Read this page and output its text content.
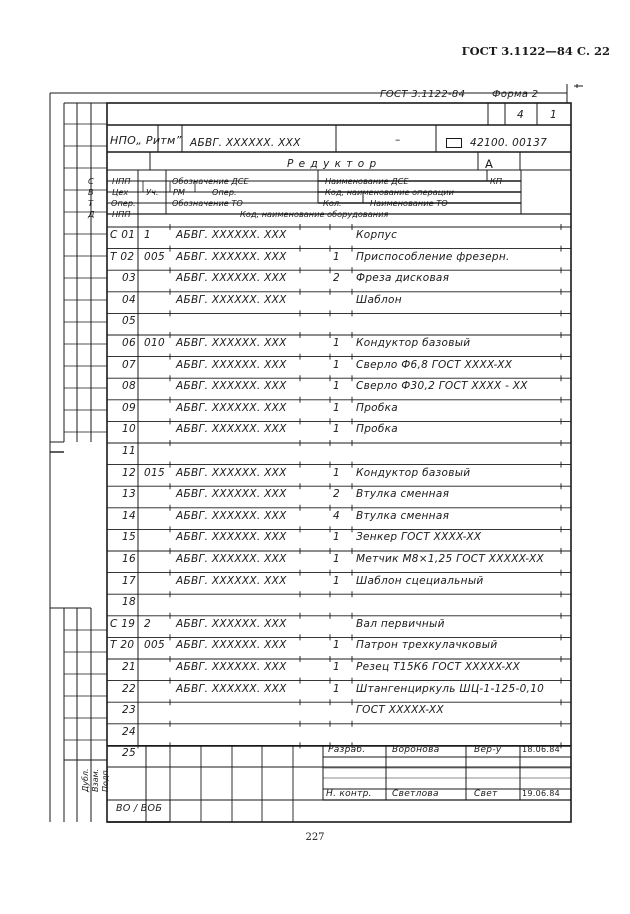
ГОСТ 3.1122—84 С. 22
ГОСТ 3.1122-84	Форма 2
4 1
НПО„ Ритм” АБВГ. XXXXXX. XXX	–	42100. 00137
Р е д у к т о р	А
С НПП	Обозначение ДСЕ	Наименование ДСЕ	КП
В Цех Уч. РМ	Опер.	Код, наименование операции
Т Опер.	Обозначение ТО	Кол.	Наименование ТО
Д НПП	Код, наименование оборудования
С 01 1 АБВГ. XXXXXX. XXX	Корпус
Т 02 005 АБВГ. XXXXXX. XXX	1 Приспособление фрезерн.
03	АБВГ. XXXXXX. XXX	2 Фреза дисковая
04	АБВГ. XXXXXX. XXX	Шаблон
05
06 010 АБВГ. XXXXXX. XXX	1 Кондуктор базовый
07	АБВГ. XXXXXX. XXX	1 Сверло Ф6,8 ГОСТ XXXX-XX
08	АБВГ. XXXXXX. XXX	1 Сверло Ф30,2 ГОСТ XXXX - XX
09	АБВГ. XXXXXX. XXX	1 Пробка
10	АБВГ. XXXXXX. XXX	1 Пробка
11
12 015 АБВГ. XXXXXX. XXX	1 Кондуктор базовый
13	АБВГ. XXXXXX. XXX	2 Втулка сменная
14	АБВГ. XXXXXX. XXX	4 Втулка сменная
15	АБВГ. XXXXXX. XXX	1 Зенкер ГОСТ XXXX-XX
16	АБВГ. XXXXXX. XXX	1 Метчик М8×1,25 ГОСТ XXXXX-XX
17	АБВГ. XXXXXX. XXX	1 Шаблон сцециальный
18
С 19 2 АБВГ. XXXXXX. XXX	Вал первичный
Т 20 005 АБВГ. XXXXXX. XXX	1 Патрон трехкулачковый
21	АБВГ. XXXXXX. XXX	1 Резец Т15К6 ГОСТ XXXXX-XX
22	АБВГ. XXXXXX. XXX	1 Штангенциркуль ШЦ-1-125-0,10
23	ГОСТ XXXXX-XX
24
25	Разраб.	Воронова	Вер-у	18.06.84
Н. контр. Светлова	Свет	19.06.84
Дубл. Взам. Подп.
ВО / ВОБ
227
